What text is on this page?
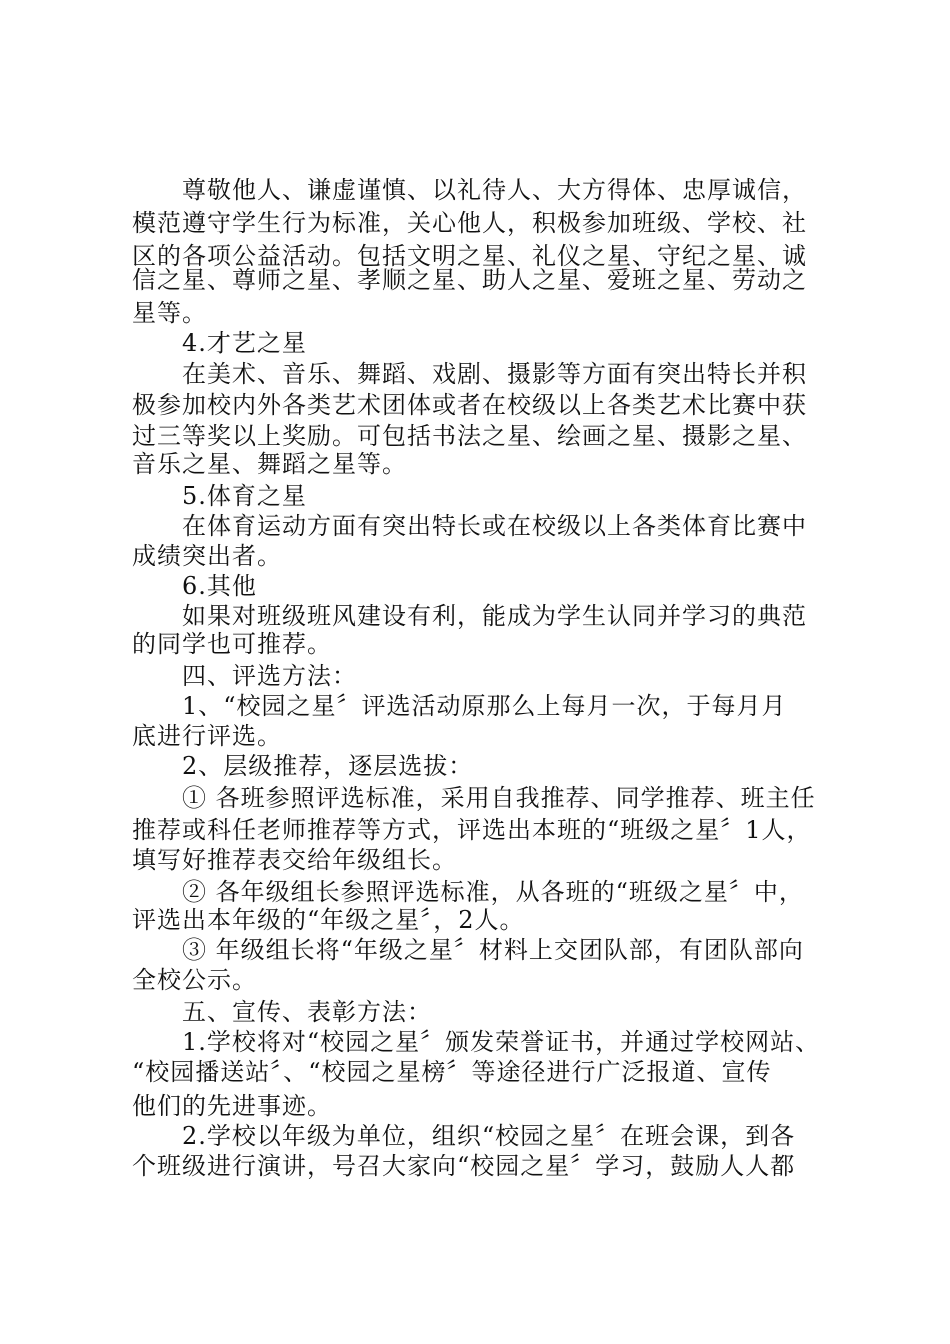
尊敬他人、谦虚谨慎、以礼待人、大方得体、忠厚诚信，
模范遵守学生行为标准，关心他人，积极参加班级、学校、社
区的各项公益活动。包括文明之星、礼仪之星、守纪之星、诚
信之星、尊师之星、孝顺之星、助人之星、爱班之星、劳动之
星等。
4.才艺之星
在美术、音乐、舞蹈、戏剧、摄影等方面有突出特长并积
极参加校内外各类艺术团体或者在校级以上各类艺术比赛中获
过三等奖以上奖励。可包括书法之星、绘画之星、摄影之星、
音乐之星、舞蹈之星等。
5.体育之星
在体育运动方面有突出特长或在校级以上各类体育比赛中
成绩突出者。
6.其他
如果对班级班风建设有利，能成为学生认同并学习的典范
的同学也可推荐。
四、评选方法：
1、“校园之星〞评选活动原那么上每月一次，于每月月
底进行评选。
2、层级推荐，逐层选拔：
① 各班参照评选标准，采用自我推荐、同学推荐、班主任
推荐或科任老师推荐等方式，评选出本班的“班级之星〞1人，
填写好推荐表交给年级组长。
② 各年级组长参照评选标准，从各班的“班级之星〞中，
评选出本年级的“年级之星〞，2人。
③ 年级组长将“年级之星〞材料上交团队部，有团队部向
全校公示。
五、宣传、表彰方法：
1.学校将对“校园之星〞颁发荣誉证书，并通过学校网站、
“校园播送站〞、“校园之星榜〞等途径进行广泛报道、宣传
他们的先进事迹。
2.学校以年级为单位，组织“校园之星〞在班会课，到各
个班级进行演讲，号召大家向“校园之星〞学习，鼓励人人都
